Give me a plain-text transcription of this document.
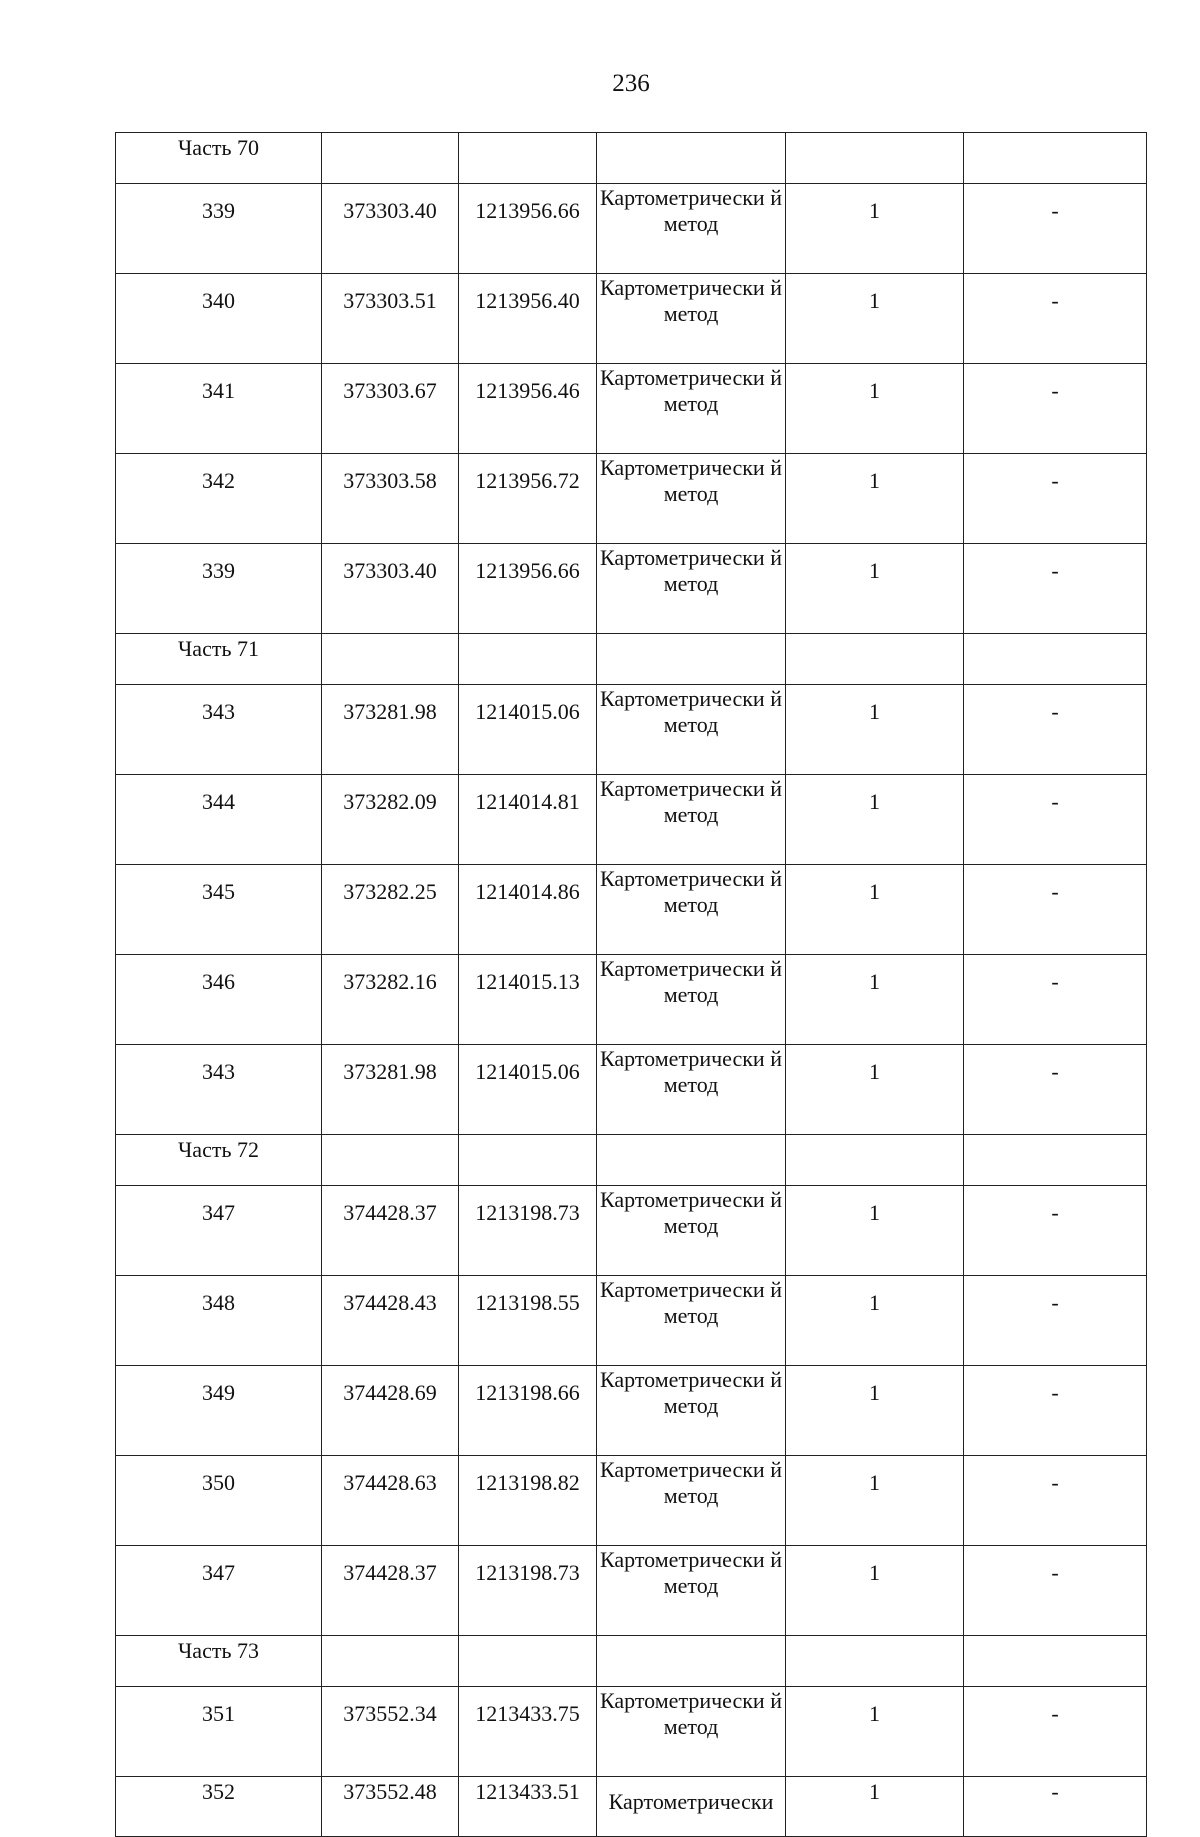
236
Часть 70					
339	373303.40	1213956.66	Картометрически й метод	1	-
340	373303.51	1213956.40	Картометрически й метод	1	-
341	373303.67	1213956.46	Картометрически й метод	1	-
342	373303.58	1213956.72	Картометрически й метод	1	-
339	373303.40	1213956.66	Картометрически й метод	1	-
Часть 71					
343	373281.98	1214015.06	Картометрически й метод	1	-
344	373282.09	1214014.81	Картометрически й метод	1	-
345	373282.25	1214014.86	Картометрически й метод	1	-
346	373282.16	1214015.13	Картометрически й метод	1	-
343	373281.98	1214015.06	Картометрически й метод	1	-
Часть 72					
347	374428.37	1213198.73	Картометрически й метод	1	-
348	374428.43	1213198.55	Картометрически й метод	1	-
349	374428.69	1213198.66	Картометрически й метод	1	-
350	374428.63	1213198.82	Картометрически й метод	1	-
347	374428.37	1213198.73	Картометрически й метод	1	-
Часть 73					
351	373552.34	1213433.75	Картометрически й метод	1	-
352	373552.48	1213433.51	Картометрически	1	-
